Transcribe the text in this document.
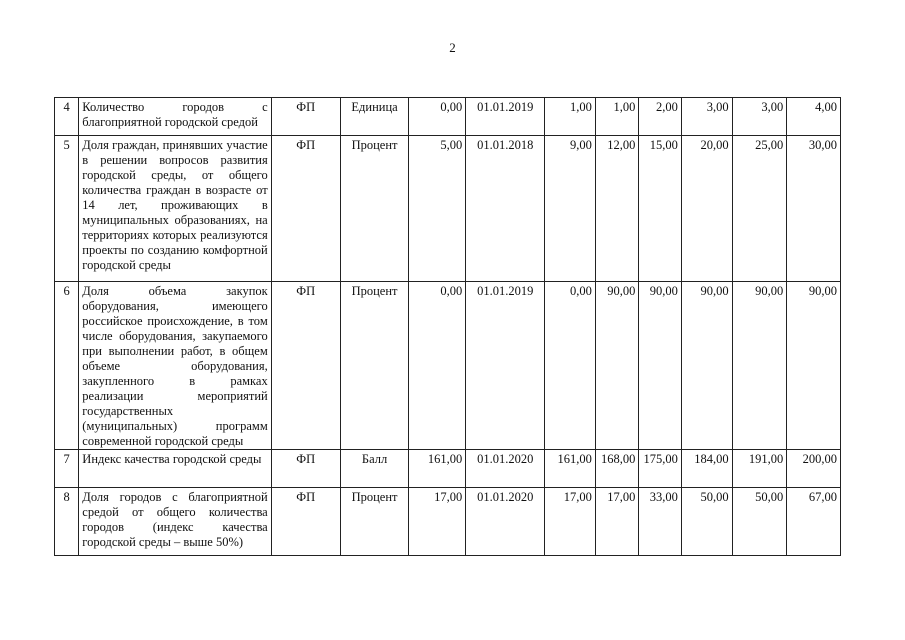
2
4	Количество городов с благоприятной городской средой	ФП	Единица	0,00	01.01.2019	1,00	1,00	2,00	3,00	3,00	4,00
5	Доля граждан, принявших участие в решении вопросов развития городской среды, от общего количества граждан в возрасте от 14 лет, проживающих в муниципальных образованиях, на территориях которых реализуются проекты по созданию комфортной городской среды	ФП	Процент	5,00	01.01.2018	9,00	12,00	15,00	20,00	25,00	30,00
6	Доля объема закупок оборудования, имеющего российское происхождение, в том числе оборудования, закупаемого при выполнении работ, в общем объеме оборудования, закупленного в рамках реализации мероприятий государственных (муниципальных) программ современной городской среды	ФП	Процент	0,00	01.01.2019	0,00	90,00	90,00	90,00	90,00	90,00
7	Индекс качества городской среды	ФП	Балл	161,00	01.01.2020	161,00	168,00	175,00	184,00	191,00	200,00
8	Доля городов с благоприятной средой от общего количества городов (индекс качества городской среды – выше 50%)	ФП	Процент	17,00	01.01.2020	17,00	17,00	33,00	50,00	50,00	67,00
